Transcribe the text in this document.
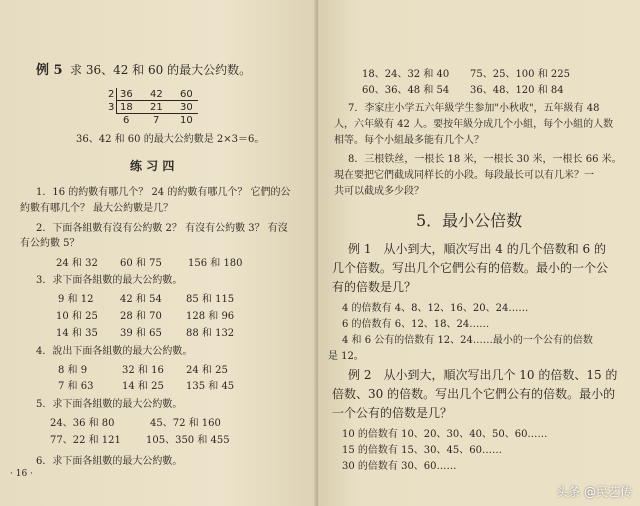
例 5 求 36、42 和 60 的最大公约数。
2 36 42 60
3 18 21 30
6 7 10
36、42 和 60 的最大公約數是 2×3＝6。
练 习 四
1．16 的約數有哪几个？ 24 的約數有哪几个？ 它們的公
約數有哪几个？ 最大公約數是几？
2．下面各組數有沒有公約數 2？ 有沒有公約數 3？ 有沒
有公約數 5？
24 和 32 60 和 75	156 和 180
3．求下面各組數的最大公約數。
9 和 12	42 和 54 85 和 115
10 和 25 28 和 70 128 和 96
14 和 35 39 和 65 88 和 132
4．說出下面各組數的最大公約數。
8 和 9	32 和 16 24 和 25
7 和 63	14 和 25 135 和 45
5．求下面各組數的最大公約數。
24、36 和 80	45、72 和 160
77、22 和 121	105、350 和 455
6．求下面各組數的最大公約數。
· 16 ·
18、24、32 和 40 75、25、100 和 225
60、36、48 和 54 36、48、120 和 84
7．李家庄小学五六年級学生参加"小秋收"，五年級有 48
人，六年級有 42 人。要按年級分成几个小組，每个小組的人数
相等。每个小組最多能有几个人？
8．三根铁丝，一根长 18 米，一根长 30 米，一根长 66 米。
現在要把它們截成同样长的小段。每段最长可以有几米？一
共可以截成多少段？
5．最小公倍数
例 1　从小到大，順次写出 4 的几个倍数和 6 的
几个倍数。写出几个它們公有的倍数。最小的一个公
有的倍数是几？
4 的倍数有 4、8、12、16、20、24……
6 的倍数有 6、12、18、24……
4 和 6 公有的倍数有 12、24……最小的一个公有的倍数
是 12。
例 2　从小到大，順次写出几个 10 的倍数、15 的
倍数、30 的倍数。写出几个它們公有的倍数。最小的
一个公有的倍数是几？
10 的倍数有 10、20、30、40、50、60……
15 的倍数有 15、30、45、60……
30 的倍数有 30、60……
头条 @民艺传
